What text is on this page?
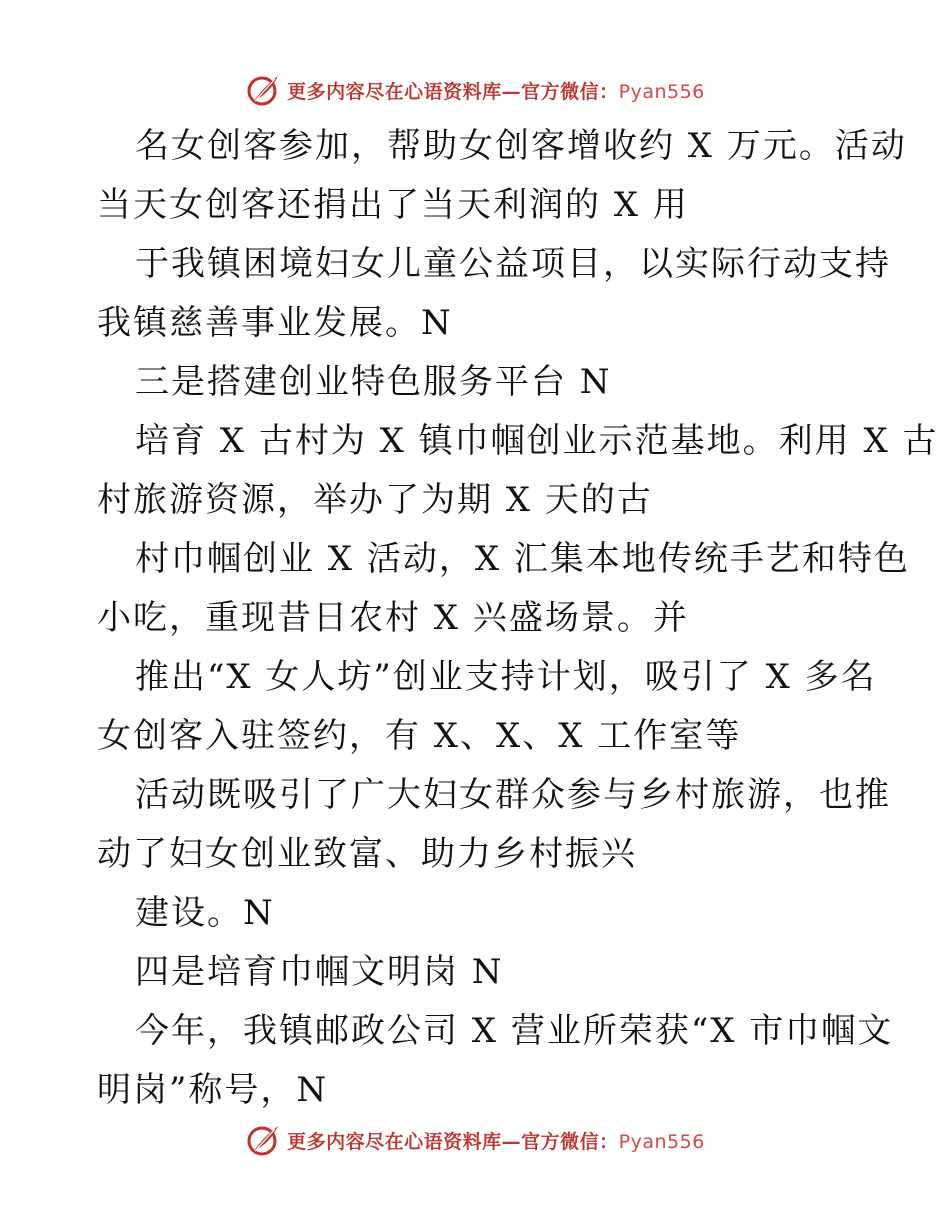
更多内容尽在心语资料库—官方微信：Pyan556
名女创客参加，帮助女创客增收约 X 万元。活动
当天女创客还捐出了当天利润的 X 用
于我镇困境妇女儿童公益项目，以实际行动支持
我镇慈善事业发展。N
三是搭建创业特色服务平台 N
培育 X 古村为 X 镇巾帼创业示范基地。利用 X 古
村旅游资源，举办了为期 X 天的古
村巾帼创业 X 活动，X 汇集本地传统手艺和特色
小吃，重现昔日农村 X 兴盛场景。并
推出“X 女人坊”创业支持计划，吸引了 X 多名
女创客入驻签约，有 X、X、X 工作室等
活动既吸引了广大妇女群众参与乡村旅游，也推
动了妇女创业致富、助力乡村振兴
建设。N
四是培育巾帼文明岗 N
今年，我镇邮政公司 X 营业所荣获“X 市巾帼文
明岗”称号，N
更多内容尽在心语资料库—官方微信：Pyan556
